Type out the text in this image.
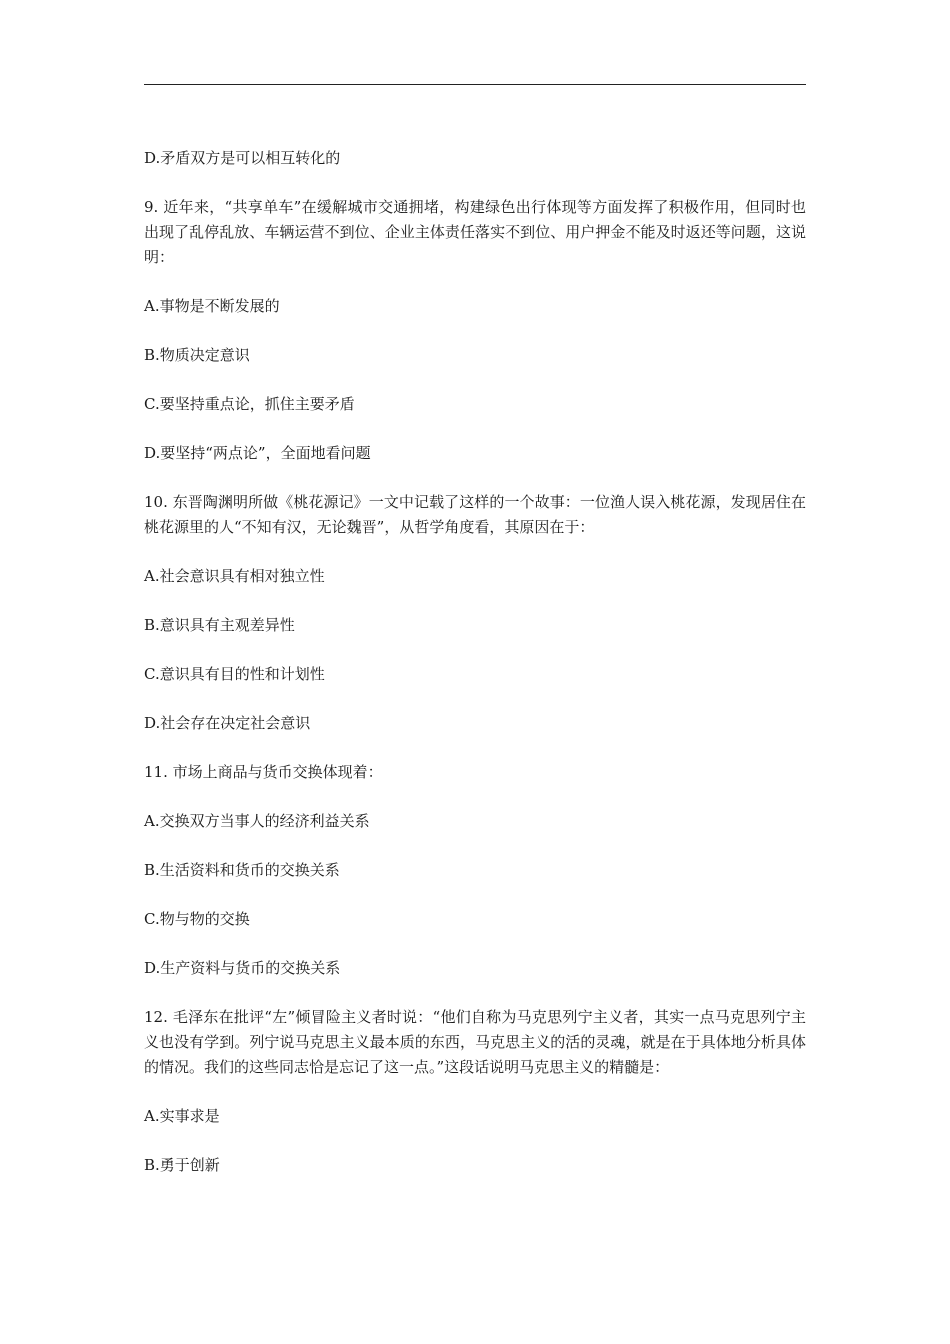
D.矛盾双方是可以相互转化的

9. 近年来，“共享单车”在缓解城市交通拥堵，构建绿色出行体现等方面发挥了积极作用，但同时也出现了乱停乱放、车辆运营不到位、企业主体责任落实不到位、用户押金不能及时返还等问题，这说明：

A.事物是不断发展的

B.物质决定意识

C.要坚持重点论，抓住主要矛盾

D.要坚持“两点论”，全面地看问题

10. 东晋陶渊明所做《桃花源记》一文中记载了这样的一个故事：一位渔人误入桃花源，发现居住在桃花源里的人“不知有汉，无论魏晋”，从哲学角度看，其原因在于：

A.社会意识具有相对独立性

B.意识具有主观差异性

C.意识具有目的性和计划性

D.社会存在决定社会意识

11. 市场上商品与货币交换体现着：

A.交换双方当事人的经济利益关系

B.生活资料和货币的交换关系

C.物与物的交换

D.生产资料与货币的交换关系

12. 毛泽东在批评“左”倾冒险主义者时说：“他们自称为马克思列宁主义者，其实一点马克思列宁主义也没有学到。列宁说马克思主义最本质的东西，马克思主义的活的灵魂，就是在于具体地分析具体的情况。我们的这些同志恰是忘记了这一点。”这段话说明马克思主义的精髓是：

A.实事求是

B.勇于创新
